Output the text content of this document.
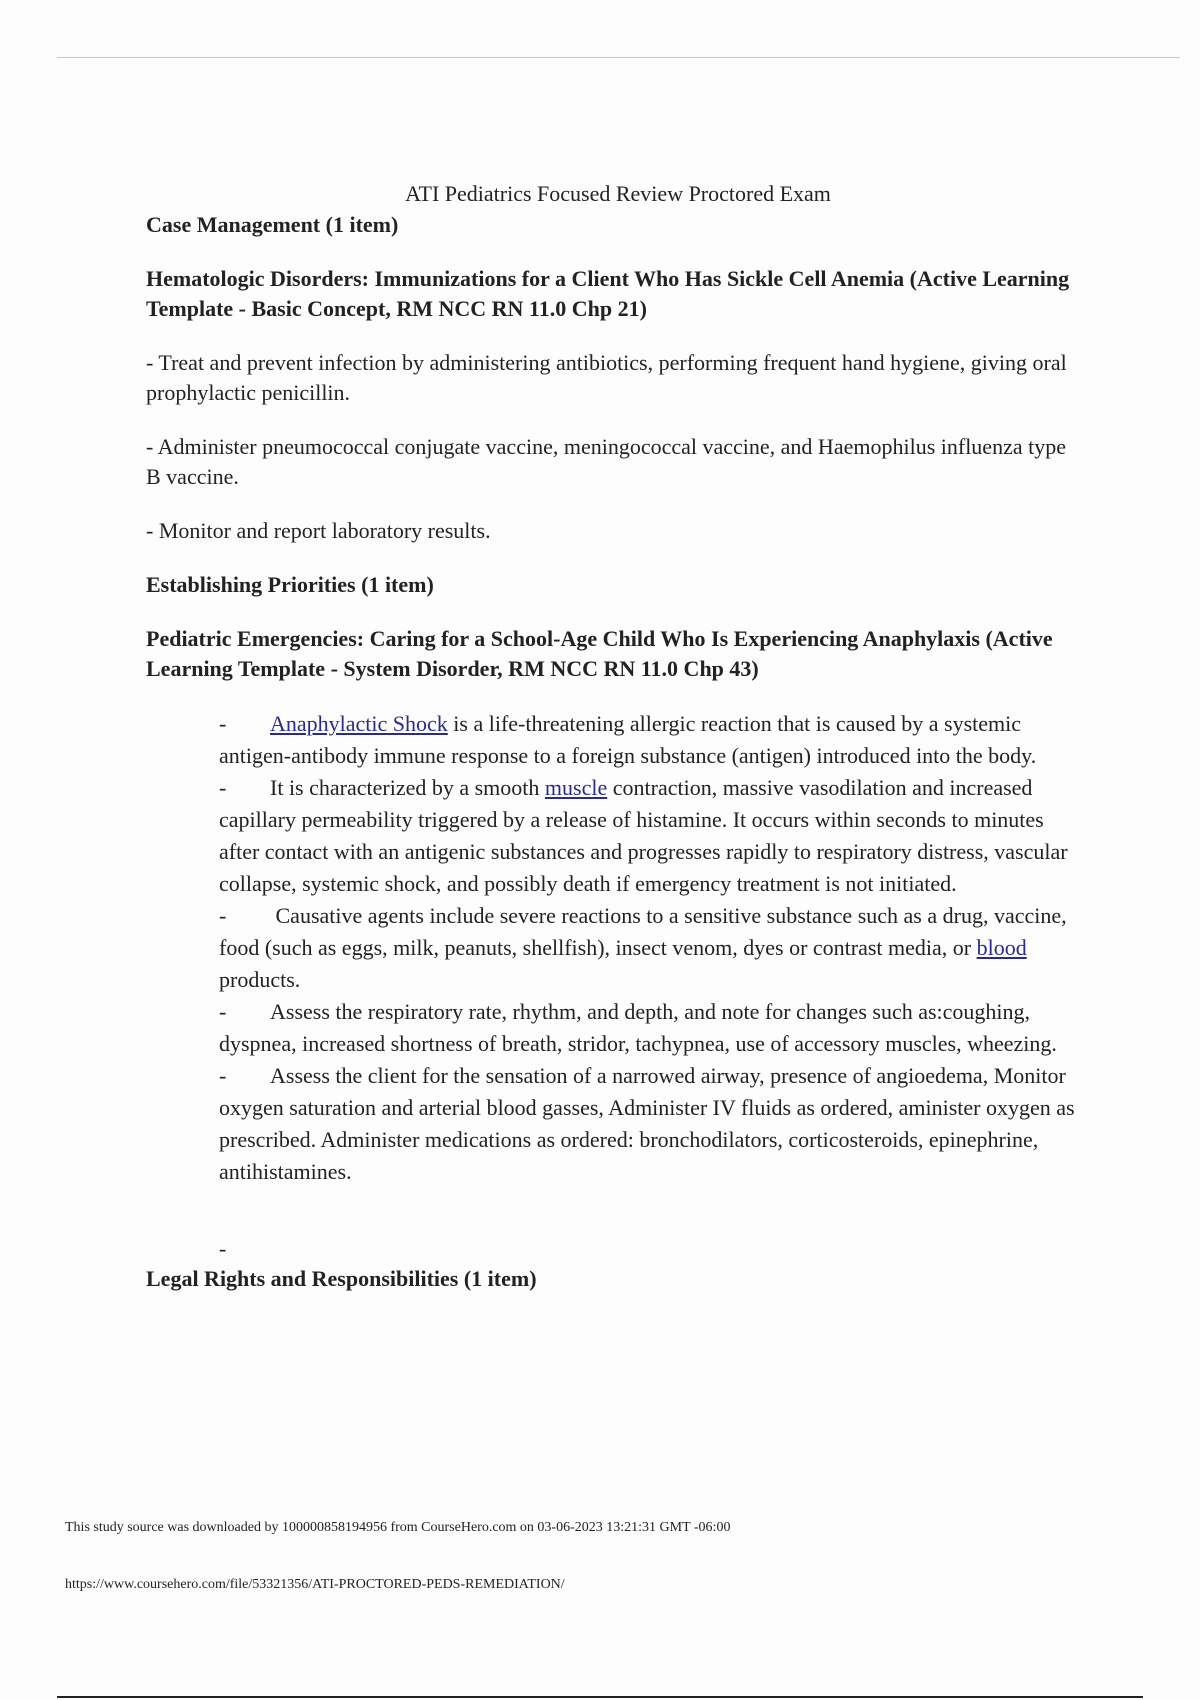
ATI Pediatrics Focused Review Proctored Exam
Case Management (1 item)
Hematologic Disorders: Immunizations for a Client Who Has Sickle Cell Anemia (Active Learning Template - Basic Concept, RM NCC RN 11.0 Chp 21)
- Treat and prevent infection by administering antibiotics, performing frequent hand hygiene, giving oral prophylactic penicillin.
- Administer pneumococcal conjugate vaccine, meningococcal vaccine, and Haemophilus influenza type B vaccine.
- Monitor and report laboratory results.
Establishing Priorities (1 item)
Pediatric Emergencies: Caring for a School-Age Child Who Is Experiencing Anaphylaxis (Active Learning Template - System Disorder, RM NCC RN 11.0 Chp 43)
- Anaphylactic Shock is a life-threatening allergic reaction that is caused by a systemic antigen-antibody immune response to a foreign substance (antigen) introduced into the body.
- It is characterized by a smooth muscle contraction, massive vasodilation and increased capillary permeability triggered by a release of histamine. It occurs within seconds to minutes after contact with an antigenic substances and progresses rapidly to respiratory distress, vascular collapse, systemic shock, and possibly death if emergency treatment is not initiated.
- Causative agents include severe reactions to a sensitive substance such as a drug, vaccine, food (such as eggs, milk, peanuts, shellfish), insect venom, dyes or contrast media, or blood products.
- Assess the respiratory rate, rhythm, and depth, and note for changes such as:coughing, dyspnea, increased shortness of breath, stridor, tachypnea, use of accessory muscles, wheezing.
- Assess the client for the sensation of a narrowed airway, presence of angioedema, Monitor oxygen saturation and arterial blood gasses, Administer IV fluids as ordered, aminister oxygen as prescribed. Administer medications as ordered: bronchodilators, corticosteroids, epinephrine, antihistamines.
-
Legal Rights and Responsibilities (1 item)
This study source was downloaded by 100000858194956 from CourseHero.com on 03-06-2023 13:21:31 GMT -06:00
https://www.coursehero.com/file/53321356/ATI-PROCTORED-PEDS-REMEDIATION/
